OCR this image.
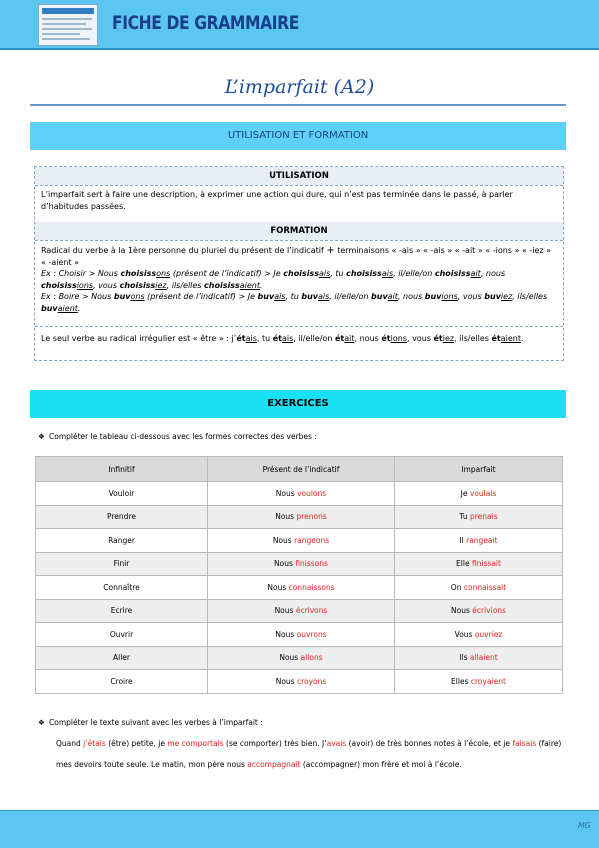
FICHE DE GRAMMAIRE
L’imparfait (A2)
UTILISATION ET FORMATION
UTILISATION
L’imparfait sert à faire une description, à exprimer une action qui dure, qui n’est pas terminée dans le passé, à parler d’habitudes passées.
FORMATION
Radical du verbe à la 1ère personne du pluriel du présent de l’indicatif + terminaisons « -ais » « -ais » « -ait » « -ions » « -iez » « -aient »
Ex : Choisir > Nous choisissons (présent de l’indicatif) > Je choisissais, tu choisissais, il/elle/on choisissait, nous choisissions, vous choisissiez, ils/elles choisissaient.
Ex : Boire > Nous buvons (présent de l’indicatif) > Je buvais, tu buvais, il/elle/on buvait, nous buvions, vous buviez, ils/elles buvaient.
Le seul verbe au radical irrégulier est « être » : j’étais, tu étais, il/elle/on était, nous étions, vous étiez, ils/elles étaient.
EXERCICES
❖ Compléter le tableau ci-dessous avec les formes correctes des verbes :
Infinitif	Présent de l’indicatif	Imparfait
Vouloir	Nous voulons	Je voulais
Prendre	Nous prenons	Tu prenais
Ranger	Nous rangeons	Il rangeait
Finir	Nous finissons	Elle finissait
Connaître	Nous connaissons	On connaissait
Ecrire	Nous écrivons	Nous écrivions
Ouvrir	Nous ouvrons	Vous ouvriez
Aller	Nous allons	Ils allaient
Croire	Nous croyons	Elles croyaient
❖ Compléter le texte suivant avec les verbes à l’imparfait :
Quand j’étais (être) petite, je me comportais (se comporter) très bien. J’avais (avoir) de très bonnes notes à l’école, et je faisais (faire) mes devoirs toute seule. Le matin, mon père nous accompagnait (accompagner) mon frère et moi à l’école.
MG
